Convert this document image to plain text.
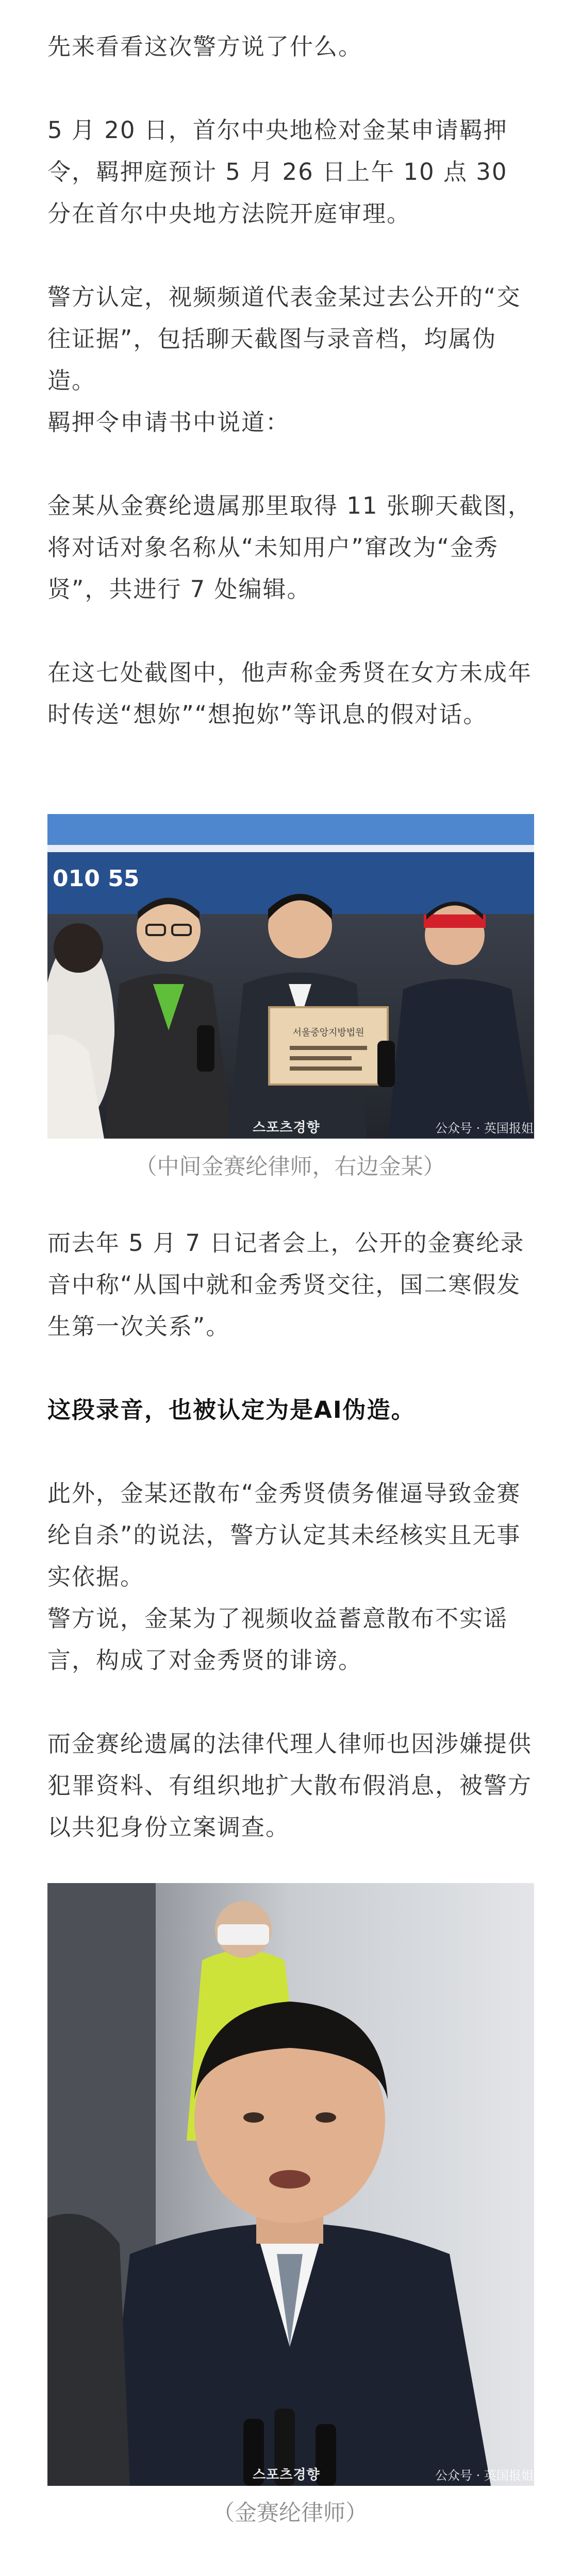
先来看看这次警方说了什么。

5 月 20 日，首尔中央地检对金某申请羁押令，羁押庭预计 5 月 26 日上午 10 点 30 分在首尔中央地方法院开庭审理。

警方认定，视频频道代表金某过去公开的“交往证据”，包括聊天截图与录音档，均属伪造。

羁押令申请书中说道：

金某从金赛纶遗属那里取得 11 张聊天截图，将对话对象名称从“未知用户”窜改为“金秀贤”，共进行 7 处编辑。

在这七处截图中，他声称金秀贤在女方未成年时传送“想妳”“想抱妳”等讯息的假对话。

010 55
서울중앙지방법원
스포츠경향	公众号 · 英国报姐
（中间金赛纶律师，右边金某）

而去年 5 月 7 日记者会上，公开的金赛纶录音中称“从国中就和金秀贤交往，国二寒假发生第一次关系”。

这段录音，也被认定为是AI伪造。

此外，金某还散布“金秀贤债务催逼导致金赛纶自杀”的说法，警方认定其未经核实且无事实依据。

警方说，金某为了视频收益蓄意散布不实谣言，构成了对金秀贤的诽谤。

而金赛纶遗属的法律代理人律师也因涉嫌提供犯罪资料、有组织地扩大散布假消息，被警方以共犯身份立案调查。

스포츠경향	公众号 · 英国报姐
（金赛纶律师）
